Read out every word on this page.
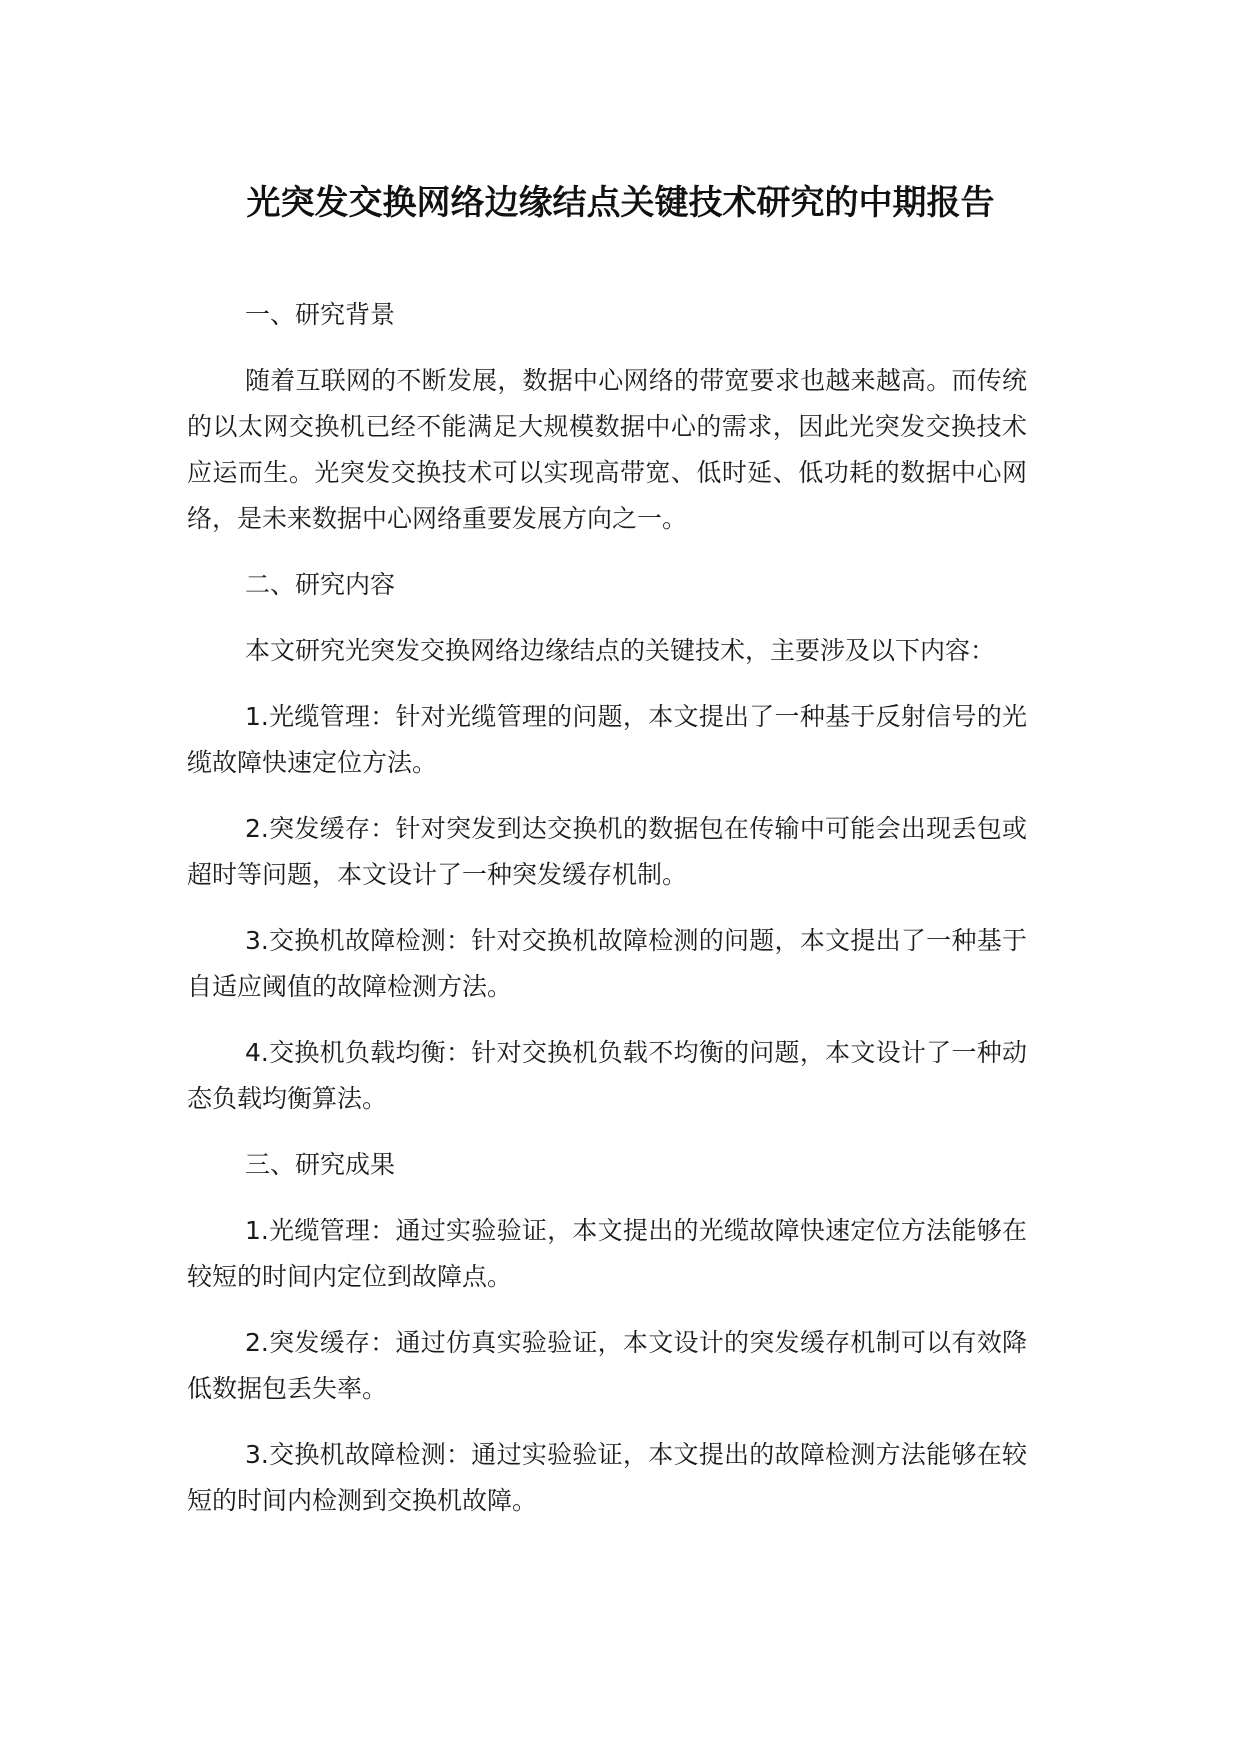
光突发交换网络边缘结点关键技术研究的中期报告

一、研究背景

随着互联网的不断发展，数据中心网络的带宽要求也越来越高。而传统的以太网交换机已经不能满足大规模数据中心的需求，因此光突发交换技术应运而生。光突发交换技术可以实现高带宽、低时延、低功耗的数据中心网络，是未来数据中心网络重要发展方向之一。

二、研究内容

本文研究光突发交换网络边缘结点的关键技术，主要涉及以下内容：

1.光缆管理：针对光缆管理的问题，本文提出了一种基于反射信号的光缆故障快速定位方法。

2.突发缓存：针对突发到达交换机的数据包在传输中可能会出现丢包或超时等问题，本文设计了一种突发缓存机制。

3.交换机故障检测：针对交换机故障检测的问题，本文提出了一种基于自适应阈值的故障检测方法。

4.交换机负载均衡：针对交换机负载不均衡的问题，本文设计了一种动态负载均衡算法。

三、研究成果

1.光缆管理：通过实验验证，本文提出的光缆故障快速定位方法能够在较短的时间内定位到故障点。

2.突发缓存：通过仿真实验验证，本文设计的突发缓存机制可以有效降低数据包丢失率。

3.交换机故障检测：通过实验验证，本文提出的故障检测方法能够在较短的时间内检测到交换机故障。
